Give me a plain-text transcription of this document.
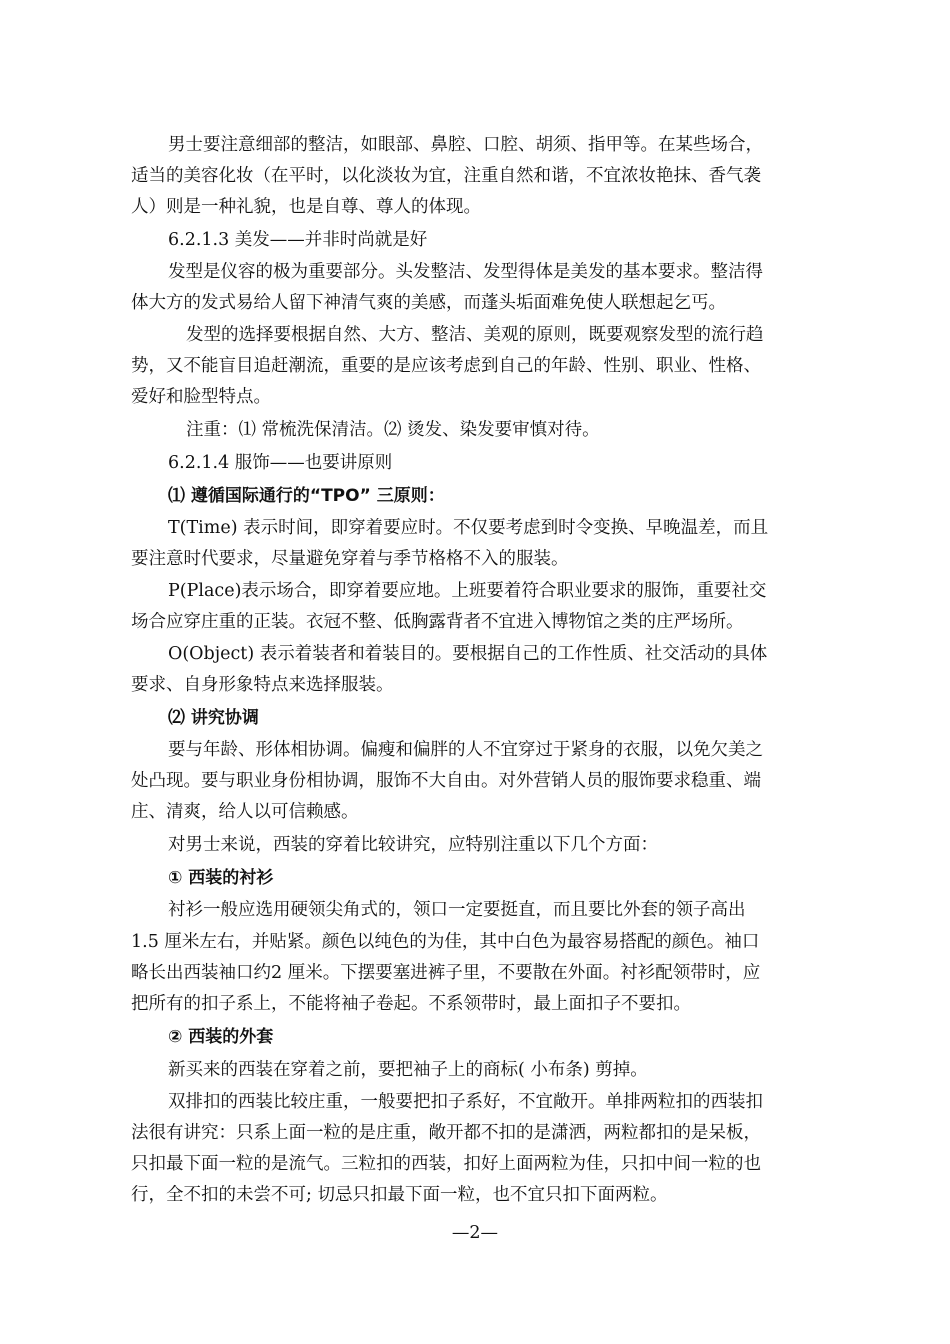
男士要注意细部的整洁，如眼部、鼻腔、口腔、胡须、指甲等。在某些场合，
适当的美容化妆（在平时，以化淡妆为宜，注重自然和谐，不宜浓妆艳抹、香气袭
人）则是一种礼貌，也是自尊、尊人的体现。
6.2.1.3 美发——并非时尚就是好
发型是仪容的极为重要部分。头发整洁、发型得体是美发的基本要求。整洁得
体大方的发式易给人留下神清气爽的美感，而蓬头垢面难免使人联想起乞丐。
发型的选择要根据自然、大方、整洁、美观的原则，既要观察发型的流行趋
势，又不能盲目追赶潮流，重要的是应该考虑到自己的年龄、性别、职业、性格、
爱好和脸型特点。
注重：⑴ 常梳洗保清洁。⑵ 烫发、染发要审慎对待。
6.2.1.4 服饰——也要讲原则
⑴ 遵循国际通行的“TPO” 三原则：
T(Time) 表示时间，即穿着要应时。不仅要考虑到时令变换、早晚温差，而且
要注意时代要求，尽量避免穿着与季节格格不入的服装。
P(Place)表示场合，即穿着要应地。上班要着符合职业要求的服饰，重要社交
场合应穿庄重的正装。衣冠不整、低胸露背者不宜进入博物馆之类的庄严场所。
O(Object) 表示着装者和着装目的。要根据自己的工作性质、社交活动的具体
要求、自身形象特点来选择服装。
⑵ 讲究协调
要与年龄、形体相协调。偏瘦和偏胖的人不宜穿过于紧身的衣服，以免欠美之
处凸现。要与职业身份相协调，服饰不大自由。对外营销人员的服饰要求稳重、端
庄、清爽，给人以可信赖感。
对男士来说，西装的穿着比较讲究，应特别注重以下几个方面：
① 西装的衬衫
衬衫一般应选用硬领尖角式的，领口一定要挺直，而且要比外套的领子高出
1.5 厘米左右，并贴紧。颜色以纯色的为佳，其中白色为最容易搭配的颜色。袖口
略长出西装袖口约2 厘米。下摆要塞进裤子里，不要散在外面。衬衫配领带时，应
把所有的扣子系上，不能将袖子卷起。不系领带时，最上面扣子不要扣。
② 西装的外套
新买来的西装在穿着之前，要把袖子上的商标( 小布条) 剪掉。
双排扣的西装比较庄重，一般要把扣子系好，不宜敞开。单排两粒扣的西装扣
法很有讲究：只系上面一粒的是庄重，敞开都不扣的是潇洒，两粒都扣的是呆板，
只扣最下面一粒的是流气。三粒扣的西装，扣好上面两粒为佳，只扣中间一粒的也
行，全不扣的未尝不可; 切忌只扣最下面一粒，也不宜只扣下面两粒。
—2—
